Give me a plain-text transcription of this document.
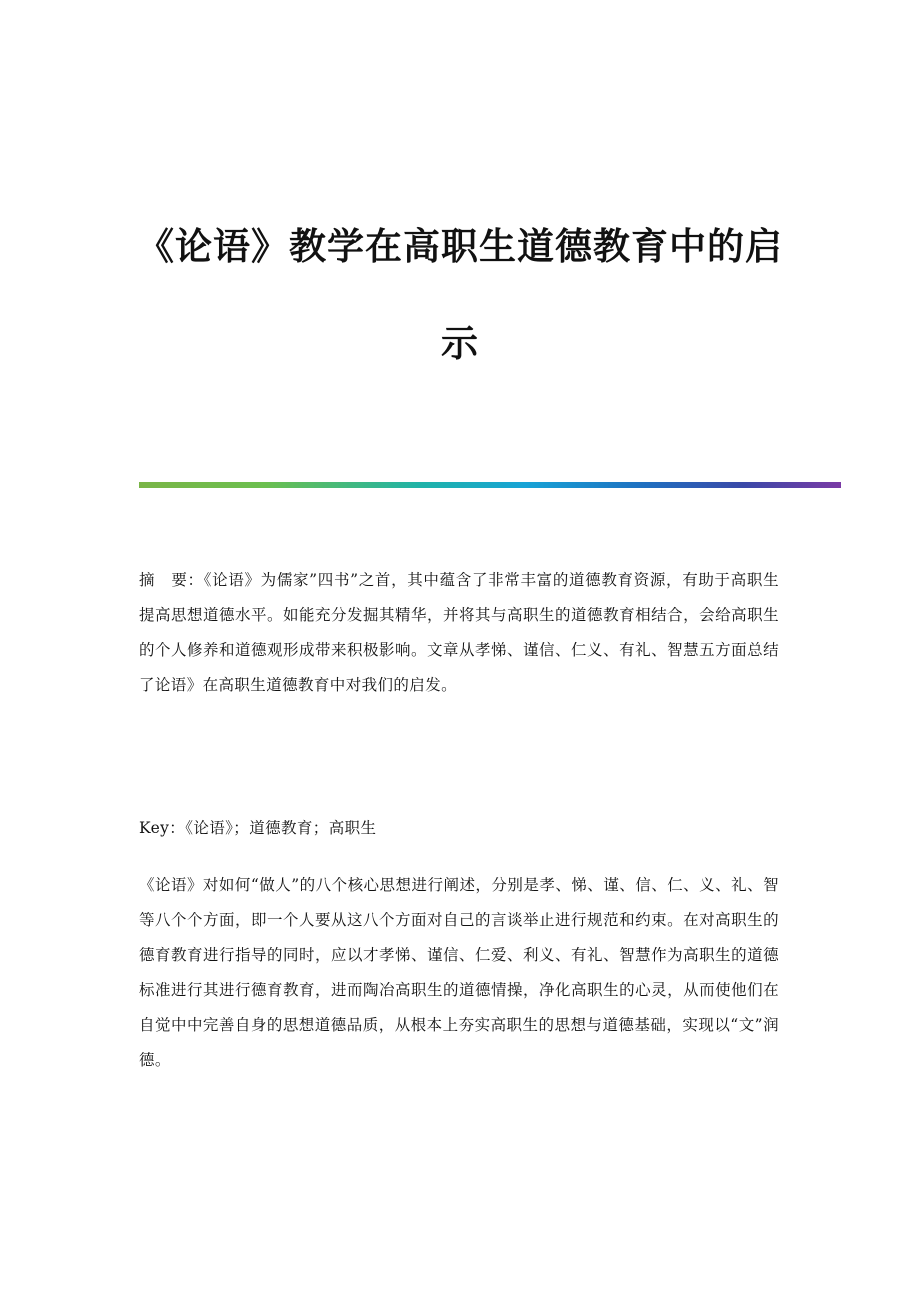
《论语》教学在高职生道德教育中的启
示

摘　要：《论语》为儒家”四书”之首，其中蕴含了非常丰富的道德教育资源，有助于高职生提高思想道德水平。如能充分发掘其精华，并将其与高职生的道德教育相结合，会给高职生的个人修养和道德观形成带来积极影响。文章从孝悌、谨信、仁义、有礼、智慧五方面总结了论语》在高职生道德教育中对我们的启发。

Key：《论语》；道德教育；高职生

《论语》对如何“做人”的八个核心思想进行阐述，分别是孝、悌、谨、信、仁、义、礼、智等八个个方面，即一个人要从这八个方面对自己的言谈举止进行规范和约束。在对高职生的德育教育进行指导的同时，应以才孝悌、谨信、仁爱、利义、有礼、智慧作为高职生的道德标准进行其进行德育教育，进而陶冶高职生的道德情操，净化高职生的心灵，从而使他们在自觉中中完善自身的思想道德品质，从根本上夯实高职生的思想与道德基础，实现以“文”润德。
